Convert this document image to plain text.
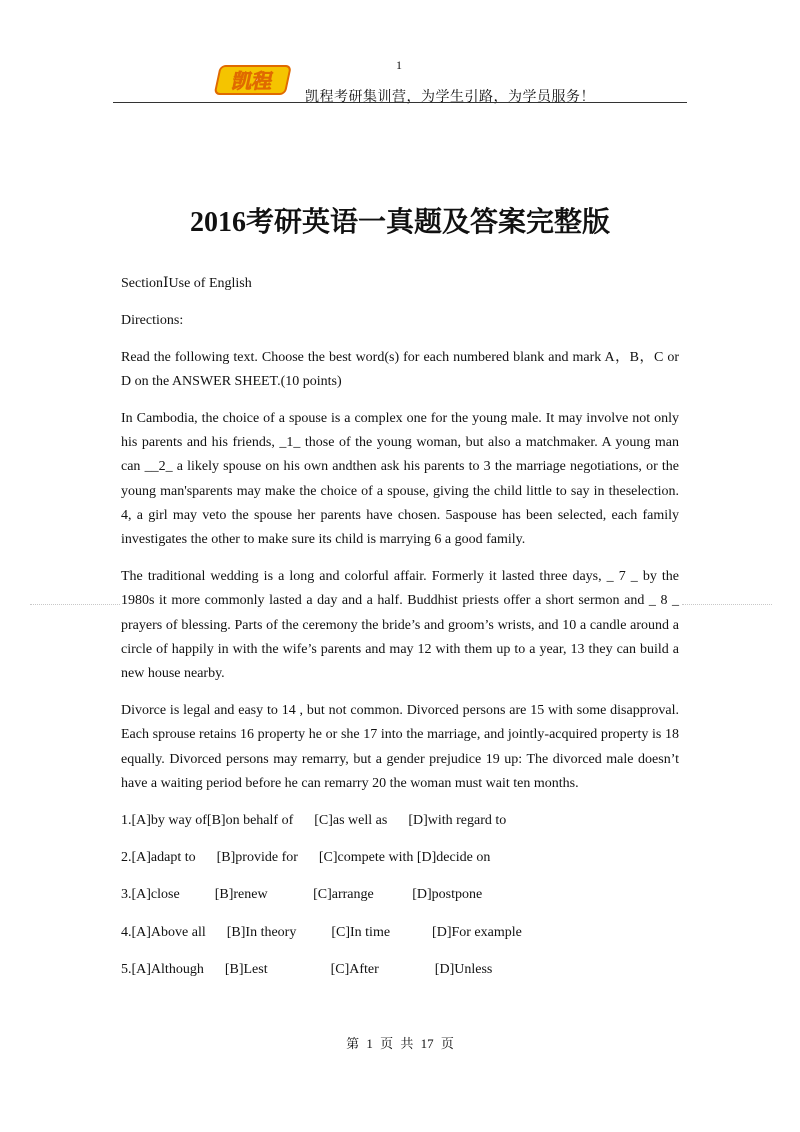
1
凯程
凯程考研集训营，为学生引路，为学员服务！
2016考研英语一真题及答案完整版

SectionⅠUse of English

Directions:

Read the following text. Choose the best word(s) for each numbered blank and mark A，B，C or D on the ANSWER SHEET.(10 points)

In Cambodia, the choice of a spouse is a complex one for the young male. It may involve not only his parents and his friends, _1_ those of the young woman, but also a matchmaker. A young man can __2_ a likely spouse on his own andthen ask his parents to 3 the marriage negotiations, or the young man'sparents may make the choice of a spouse, giving the child little to say in theselection. 4, a girl may veto the spouse her parents have chosen. 5aspouse has been selected, each family investigates the other to make sure its child is marrying 6 a good family.

The traditional wedding is a long and colorful affair. Formerly it lasted three days, _ 7 _ by the 1980s it more commonly lasted a day and a half. Buddhist priests offer a short sermon and _ 8 _ prayers of blessing. Parts of the ceremony the bride’s and groom’s wrists, and 10 a candle around a circle of happily in with the wife’s parents and may 12 with them up to a year, 13 they can build a new house nearby.

Divorce is legal and easy to 14 , but not common. Divorced persons are 15 with some disapproval. Each sprouse retains 16 property he or she 17 into the marriage, and jointly-acquired property is 18 equally. Divorced persons may remarry, but a gender prejudice 19 up: The divorced male doesn’t have a waiting period before he can remarry 20 the woman must wait ten months.

1.[A]by way of[B]on behalf of      [C]as well as      [D]with regard to
2.[A]adapt to      [B]provide for      [C]compete with [D]decide on
3.[A]close          [B]renew             [C]arrange           [D]postpone
4.[A]Above all      [B]In theory          [C]In time            [D]For example
5.[A]Although      [B]Lest                  [C]After                [D]Unless
第 1 页 共 17 页
